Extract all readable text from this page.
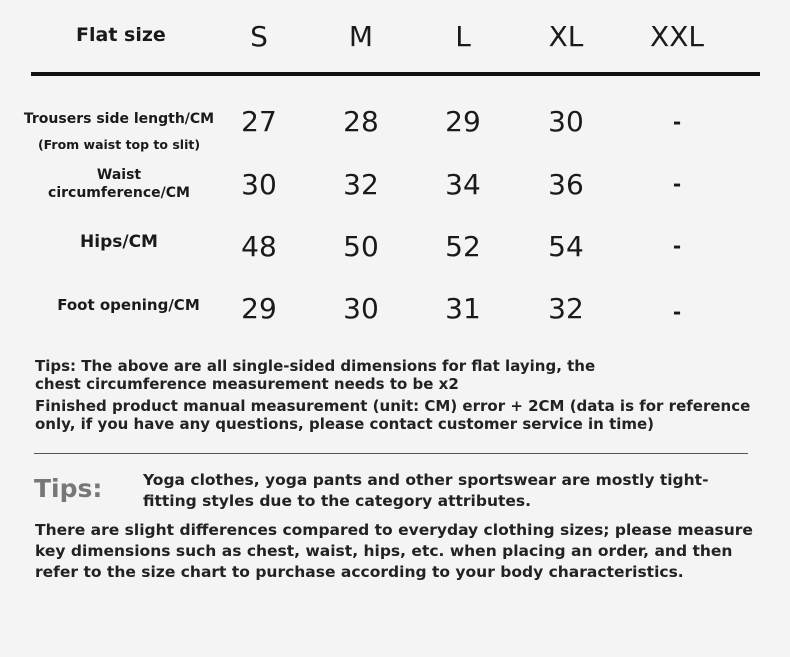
Flat size	S	M	L	XL	XXL
Trousers side length/CM
(From waist top to slit)
27	28	29	30	-
Waist
circumference/CM	30	32	34	36	-
Hips/CM	48	50	52	54	-
Foot opening/CM	29	30	31	32	-
Tips: The above are all single-sided dimensions for flat laying, the
chest circumference measurement needs to be x2
Finished product manual measurement (unit: CM) error + 2CM (data is for reference
only, if you have any questions, please contact customer service in time)
Tips:	Yoga clothes, yoga pants and other sportswear are mostly tight-fitting styles due to the category attributes.
There are slight differences compared to everyday clothing sizes; please measure key dimensions such as chest, waist, hips, etc. when placing an order, and then refer to the size chart to purchase according to your body characteristics.
